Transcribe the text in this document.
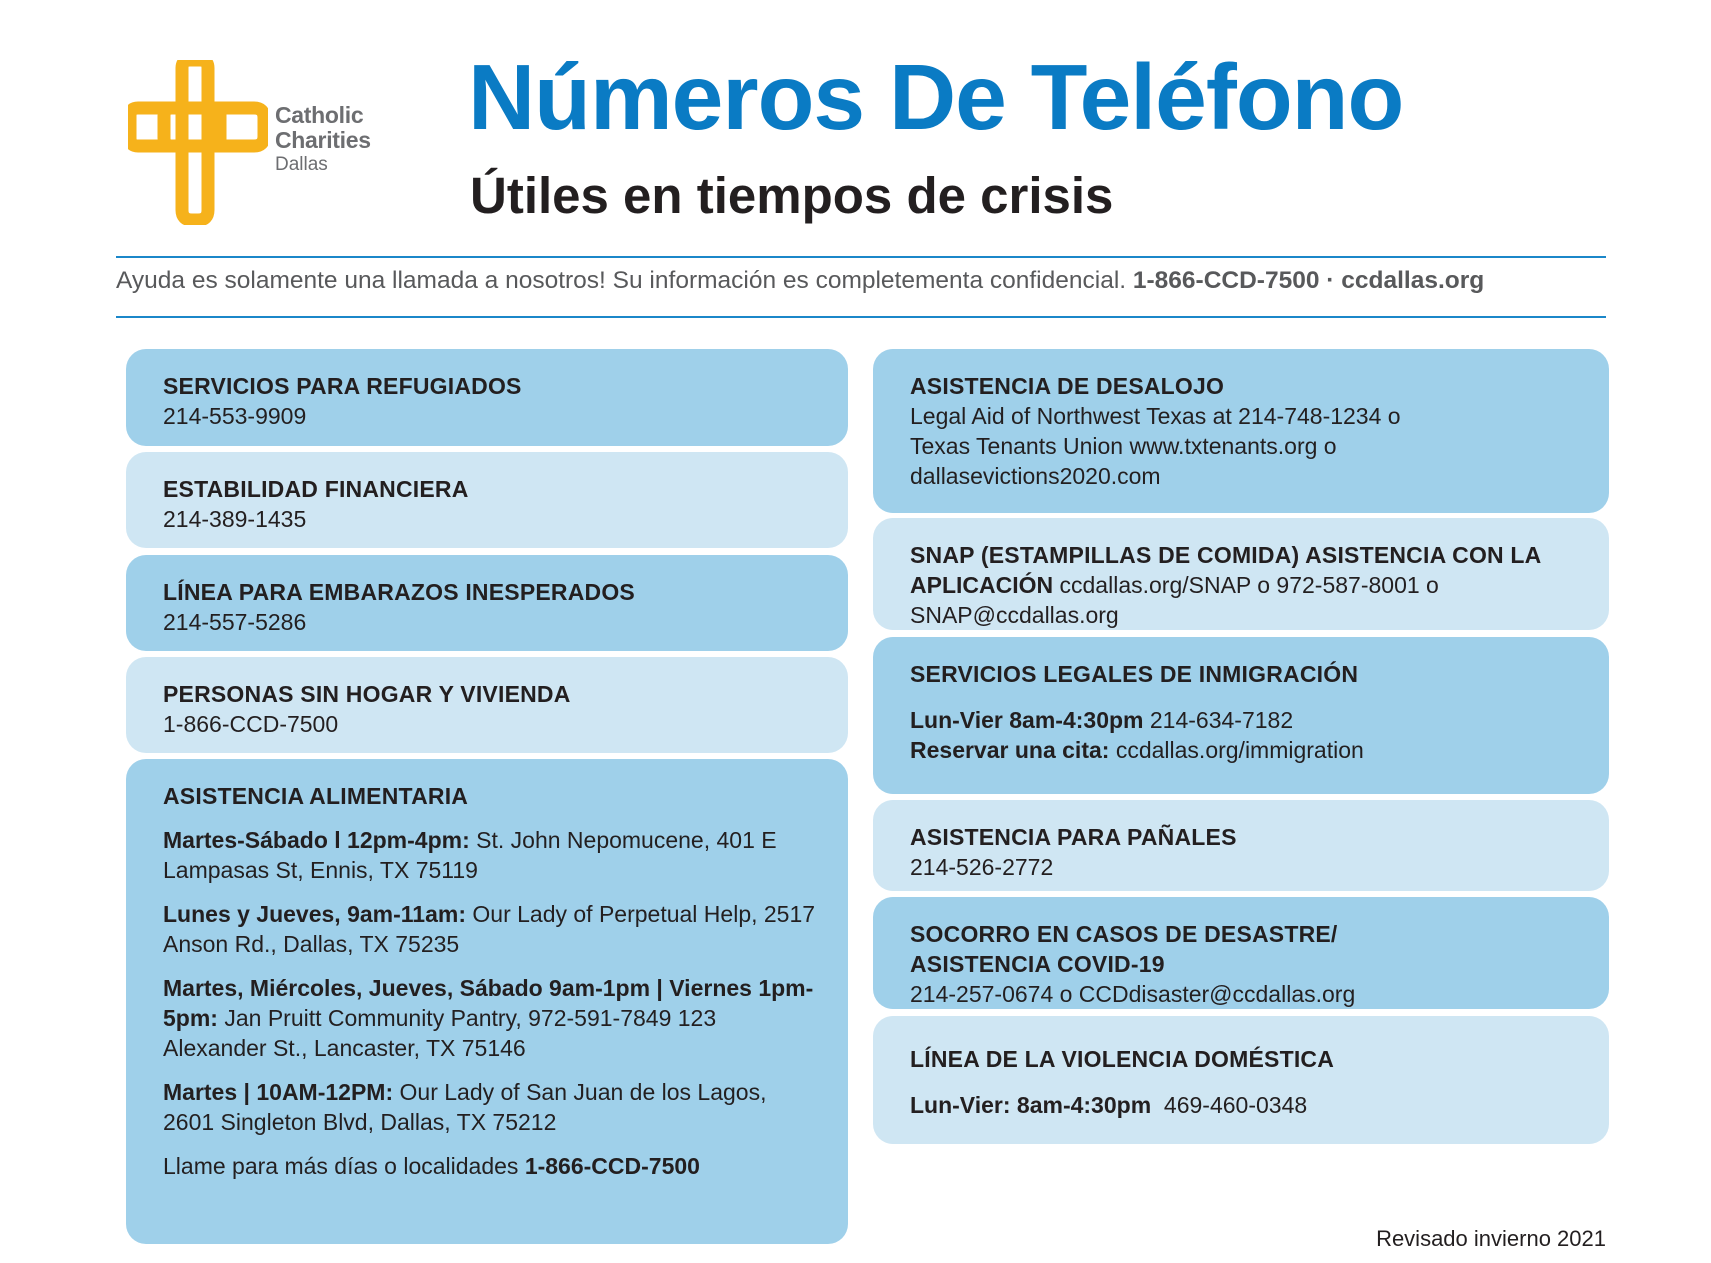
Catholic
Charities
Dallas
Números De Teléfono
Útiles en tiempos de crisis
Ayuda es solamente una llamada a nosotros! Su información es completementa confidencial. 1-866-CCD-7500 · ccdallas.org

SERVICIOS PARA REFUGIADOS

214-553-9909

ESTABILIDAD FINANCIERA

214-389-1435

LÍNEA PARA EMBARAZOS INESPERADOS

214-557-5286

PERSONAS SIN HOGAR Y VIVIENDA

1-866-CCD-7500

ASISTENCIA ALIMENTARIA

Martes-Sábado l 12pm-4pm: St. John Nepomucene, 401 E Lampasas St, Ennis, TX 75119

Lunes y Jueves, 9am-11am: Our Lady of Perpetual Help, 2517 Anson Rd., Dallas, TX 75235

Martes, Miércoles, Jueves, Sábado 9am-1pm | Viernes 1pm-5pm: Jan Pruitt Community Pantry, 972-591-7849 123 Alexander St., Lancaster, TX 75146

Martes | 10AM-12PM: Our Lady of San Juan de los Lagos, 2601 Singleton Blvd, Dallas, TX 75212

Llame para más días o localidades 1-866-CCD-7500

ASISTENCIA DE DESALOJO

Legal Aid of Northwest Texas at 214-748-1234 o

Texas Tenants Union www.txtenants.org o

dallasevictions2020.com

SNAP (ESTAMPILLAS DE COMIDA) ASISTENCIA CON LA

APLICACIÓN ccdallas.org/SNAP o 972-587-8001 o

SNAP@ccdallas.org

SERVICIOS LEGALES DE INMIGRACIÓN

Lun-Vier 8am-4:30pm 214-634-7182

Reservar una cita: ccdallas.org/immigration

ASISTENCIA PARA PAÑALES

214-526-2772

SOCORRO EN CASOS DE DESASTRE/

ASISTENCIA COVID-19

214-257-0674 o CCDdisaster@ccdallas.org

LÍNEA DE LA VIOLENCIA DOMÉSTICA

Lun-Vier: 8am-4:30pm 469-460-0348

Revisado invierno 2021
